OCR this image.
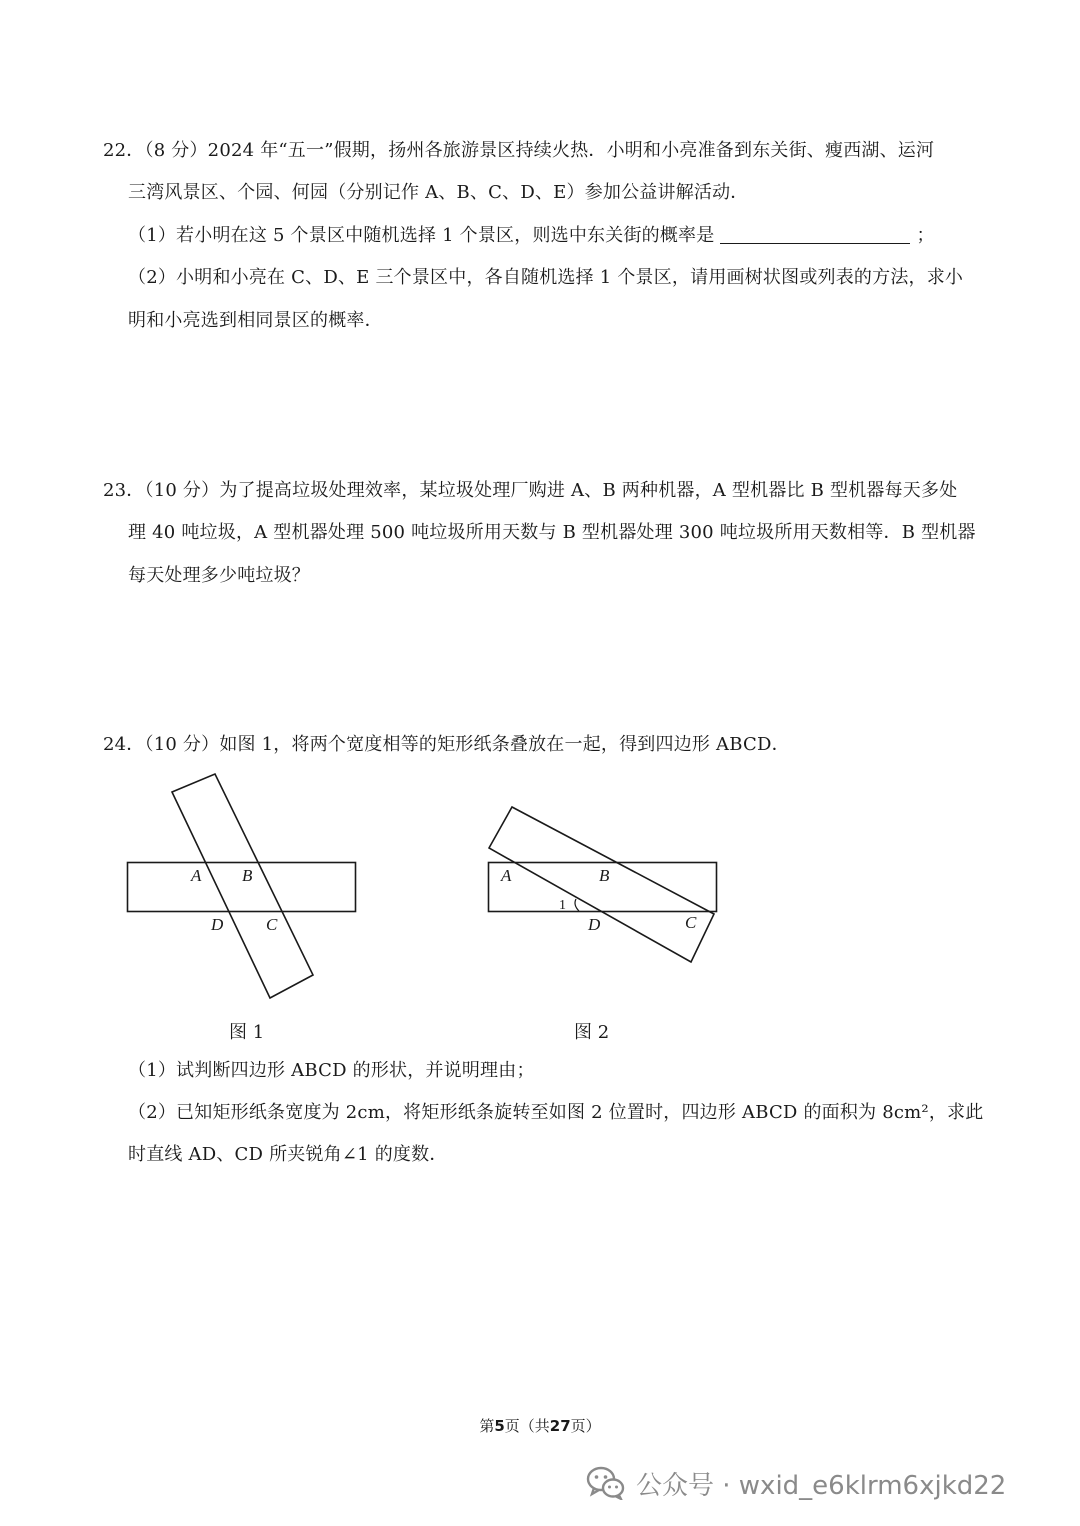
22．（8 分）2024 年“五一”假期，扬州各旅游景区持续火热．小明和小亮准备到东关街、瘦西湖、运河
三湾风景区、个园、何园（分别记作 A、B、C、D、E）参加公益讲解活动．
（1）若小明在这 5 个景区中随机选择 1 个景区，则选中东关街的概率是	；
（2）小明和小亮在 C、D、E 三个景区中，各自随机选择 1 个景区，请用画树状图或列表的方法，求小
明和小亮选到相同景区的概率．
23．（10 分）为了提高垃圾处理效率，某垃圾处理厂购进 A、B 两种机器，A 型机器比 B 型机器每天多处
理 40 吨垃圾，A 型机器处理 500 吨垃圾所用天数与 B 型机器处理 300 吨垃圾所用天数相等．B 型机器
每天处理多少吨垃圾？
24．（10 分）如图 1，将两个宽度相等的矩形纸条叠放在一起，得到四边形 ABCD．
A B
D	C
图 1
A	B
1
D	C
图 2
（1）试判断四边形 ABCD 的形状，并说明理由；
（2）已知矩形纸条宽度为 2cm，将矩形纸条旋转至如图 2 位置时，四边形 ABCD 的面积为 8cm²，求此
时直线 AD、CD 所夹锐角∠1 的度数．
第5页（共27页）
公众号 · wxid_e6klrm6xjkd22
